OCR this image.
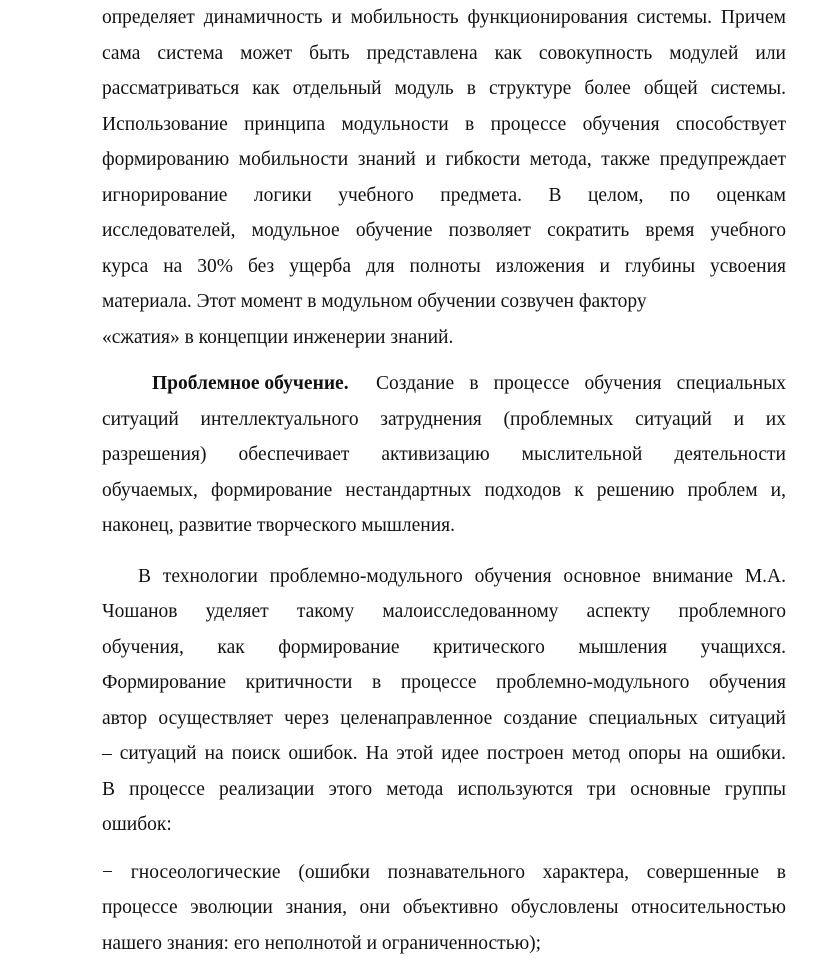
определяет динамичность и мобильность функционирования системы. Причем
сама система может быть представлена как совокупность модулей или
рассматриваться как отдельный модуль в структуре более общей системы.
Использование принципа модульности в процессе обучения способствует
формированию мобильности знаний и гибкости метода, также предупреждает
игнорирование логики учебного предмета. В целом, по оценкам
исследователей, модульное обучение позволяет сократить время учебного
курса на 30% без ущерба для полноты изложения и глубины усвоения
материала. Этот момент в модульном обучении созвучен фактору
«сжатия» в концепции инженерии знаний.
Проблемное обучение. Создание в процессе обучения специальных
ситуаций интеллектуального затруднения (проблемных ситуаций и их
разрешения) обеспечивает активизацию мыслительной деятельности
обучаемых, формирование нестандартных подходов к решению проблем и,
наконец, развитие творческого мышления.
В технологии проблемно-модульного обучения основное внимание М.А.
Чошанов уделяет такому малоисследованному аспекту проблемного
обучения, как формирование критического мышления учащихся.
Формирование критичности в процессе проблемно-модульного обучения
автор осуществляет через целенаправленное создание специальных ситуаций
– ситуаций на поиск ошибок. На этой идее построен метод опоры на ошибки.
В процессе реализации этого метода используются три основные группы
ошибок:
− гносеологические (ошибки познавательного характера, совершенные в
процессе эволюции знания, они объективно обусловлены относительностью
нашего знания: его неполнотой и ограниченностью);
